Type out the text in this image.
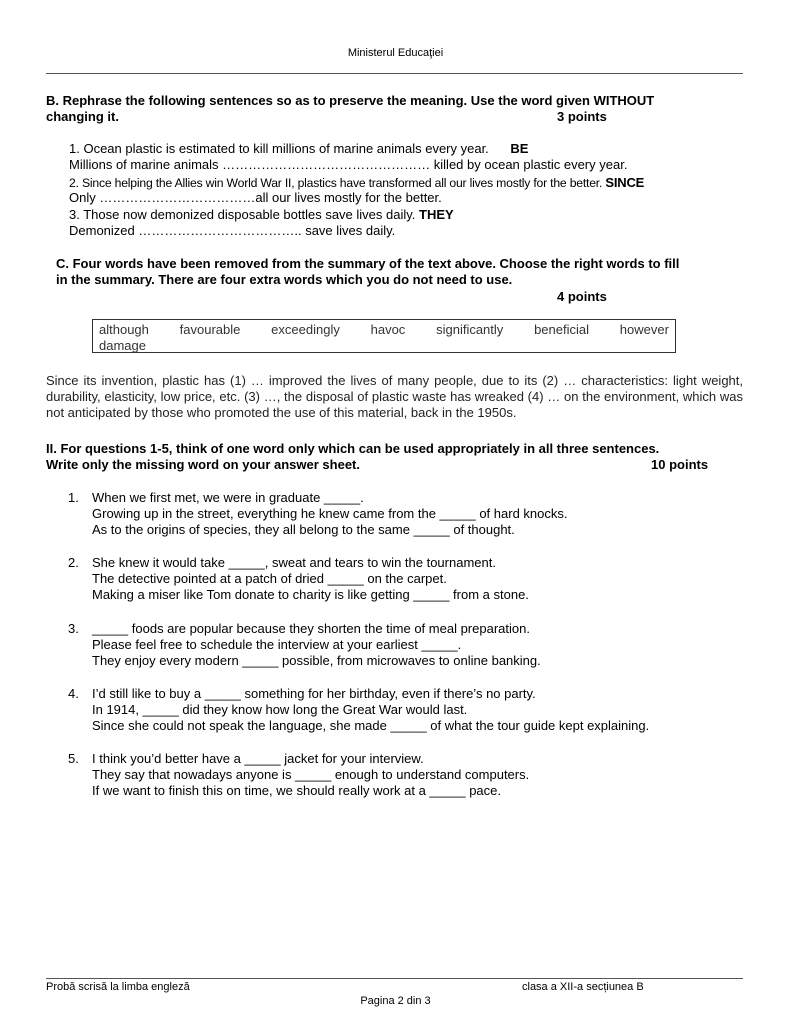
Ministerul Educaţiei
B. Rephrase the following sentences so as to preserve the meaning. Use the word given WITHOUT
changing it.	3 points
1. Ocean plastic is estimated to kill millions of marine animals every year. BE
Millions of marine animals ………………………………………… killed by ocean plastic every year.
2. Since helping the Allies win World War II, plastics have transformed all our lives mostly for the better. SINCE
Only ………………………………all our lives mostly for the better.
3. Those now demonized disposable bottles save lives daily. THEY
Demonized ……………………………….. save lives daily.
C. Four words have been removed from the summary of the text above. Choose the right words to fill
in the summary. There are four extra words which you do not need to use.
4 points
although favourable exceedingly havoc significantly beneficial however
damage
Since its invention, plastic has (1) … improved the lives of many people, due to its (2) … characteristics: light weight, durability, elasticity, low price, etc. (3) …, the disposal of plastic waste has wreaked (4) … on the environment, which was not anticipated by those who promoted the use of this material, back in the 1950s.
II. For questions 1-5, think of one word only which can be used appropriately in all three sentences.
Write only the missing word on your answer sheet.	10 points
1. When we first met, we were in graduate _____.
Growing up in the street, everything he knew came from the _____ of hard knocks.
As to the origins of species, they all belong to the same _____ of thought.
2. She knew it would take _____, sweat and tears to win the tournament.
The detective pointed at a patch of dried _____ on the carpet.
Making a miser like Tom donate to charity is like getting _____ from a stone.
3. _____ foods are popular because they shorten the time of meal preparation.
Please feel free to schedule the interview at your earliest _____.
They enjoy every modern _____ possible, from microwaves to online banking.
4. I’d still like to buy a _____ something for her birthday, even if there’s no party.
In 1914, _____ did they know how long the Great War would last.
Since she could not speak the language, she made _____ of what the tour guide kept explaining.
5. I think you’d better have a _____ jacket for your interview.
They say that nowadays anyone is _____ enough to understand computers.
If we want to finish this on time, we should really work at a _____ pace.
Probă scrisă la limba engleză	clasa a XII-a secțiunea B
Pagina 2 din 3
